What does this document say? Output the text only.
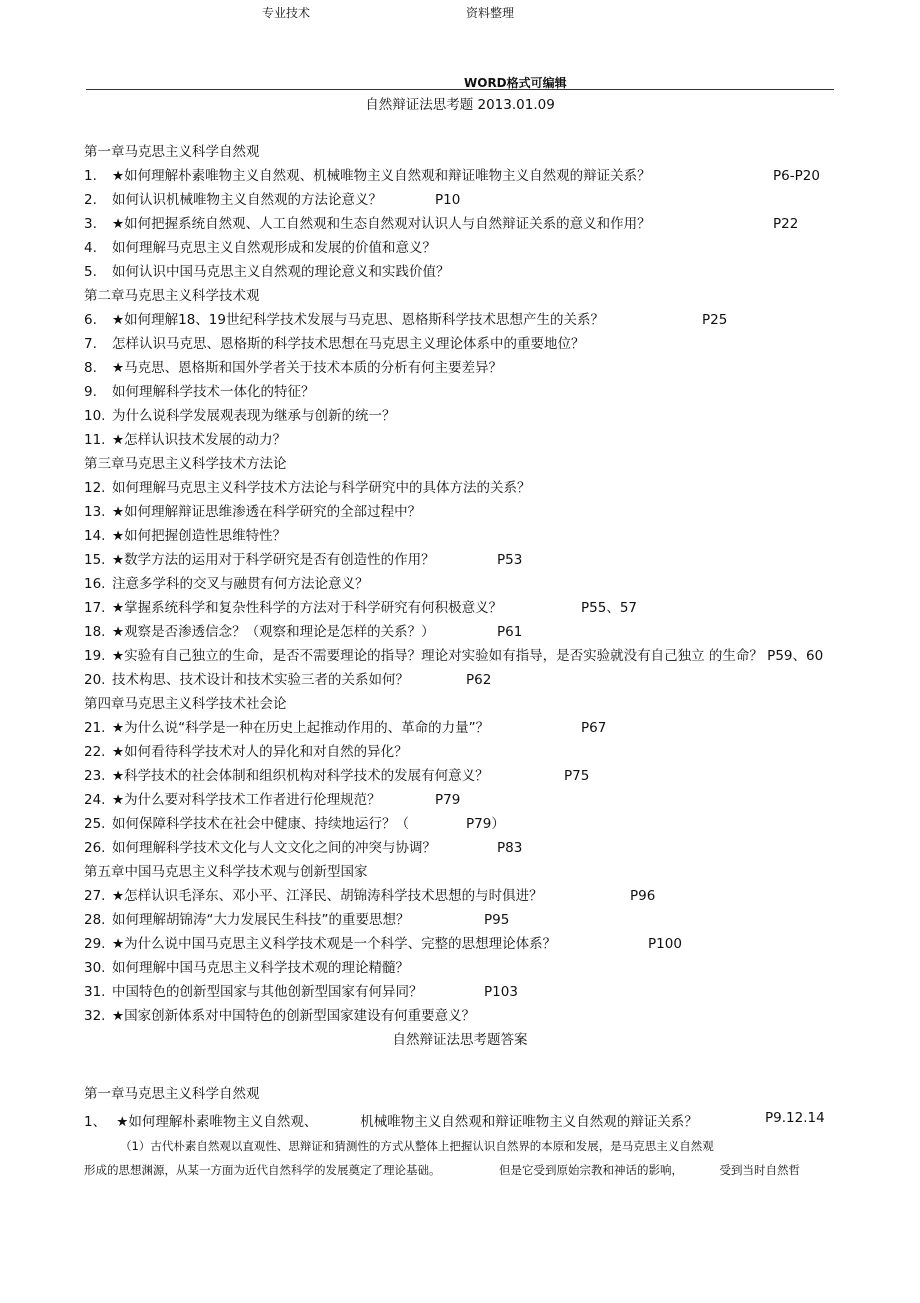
专业技术	资料整理
WORD格式可编辑
自然辩证法思考题 2013.01.09
第一章马克思主义科学自然观
1. ★如何理解朴素唯物主义自然观、机械唯物主义自然观和辩证唯物主义自然观的辩证关系？	P6-P20
2. 如何认识机械唯物主义自然观的方法论意义？	P10
3. ★如何把握系统自然观、人工自然观和生态自然观对认识人与自然辩证关系的意义和作用？	P22
4. 如何理解马克思主义自然观形成和发展的价值和意义？
5. 如何认识中国马克思主义自然观的理论意义和实践价值？
第二章马克思主义科学技术观
6. ★如何理解18、19世纪科学技术发展与马克思、恩格斯科学技术思想产生的关系？	P25
7. 怎样认识马克思、恩格斯的科学技术思想在马克思主义理论体系中的重要地位？
8. ★马克思、恩格斯和国外学者关于技术本质的分析有何主要差异？
9. 如何理解科学技术一体化的特征？
10. 为什么说科学发展观表现为继承与创新的统一？
11. ★怎样认识技术发展的动力？
第三章马克思主义科学技术方法论
12. 如何理解马克思主义科学技术方法论与科学研究中的具体方法的关系？
13. ★如何理解辩证思维渗透在科学研究的全部过程中？
14. ★如何把握创造性思维特性？
15. ★数学方法的运用对于科学研究是否有创造性的作用？	P53
16. 注意多学科的交叉与融贯有何方法论意义？
17. ★掌握系统科学和复杂性科学的方法对于科学研究有何积极意义？	P55、57
18. ★观察是否渗透信念？（观察和理论是怎样的关系？）	P61
19. ★实验有自己独立的生命，是否不需要理论的指导？理论对实验如有指导，是否实验就没有自己独立 的生命？ P59、60
20. 技术构思、技术设计和技术实验三者的关系如何？	P62
第四章马克思主义科学技术社会论
21. ★为什么说“科学是一种在历史上起推动作用的、革命的力量”？	P67
22. ★如何看待科学技术对人的异化和对自然的异化？
23. ★科学技术的社会体制和组织机构对科学技术的发展有何意义？	P75
24. ★为什么要对科学技术工作者进行伦理规范？	P79
25. 如何保障科学技术在社会中健康、持续地运行？（	P79）
26. 如何理解科学技术文化与人文文化之间的冲突与协调？	P83
第五章中国马克思主义科学技术观与创新型国家
27. ★怎样认识毛泽东、邓小平、江泽民、胡锦涛科学技术思想的与时俱进？	P96
28. 如何理解胡锦涛“大力发展民生科技”的重要思想？	P95
29. ★为什么说中国马克思主义科学技术观是一个科学、完整的思想理论体系？	P100
30. 如何理解中国马克思主义科学技术观的理论精髓？
31. 中国特色的创新型国家与其他创新型国家有何异同？	P103
32. ★国家创新体系对中国特色的创新型国家建设有何重要意义？
自然辩证法思考题答案
第一章马克思主义科学自然观
1、 ★如何理解朴素唯物主义自然观、          机械唯物主义自然观和辩证唯物主义自然观的辩证关系？	P9.12.14
（1）古代朴素自然观以直观性、思辩证和猜测性的方式从整体上把握认识自然界的本原和发展，是马克思主义自然观
形成的思想渊源，从某一方面为近代自然科学的发展奠定了理论基础。                但是它受到原始宗教和神话的影响，          受到当时自然哲
